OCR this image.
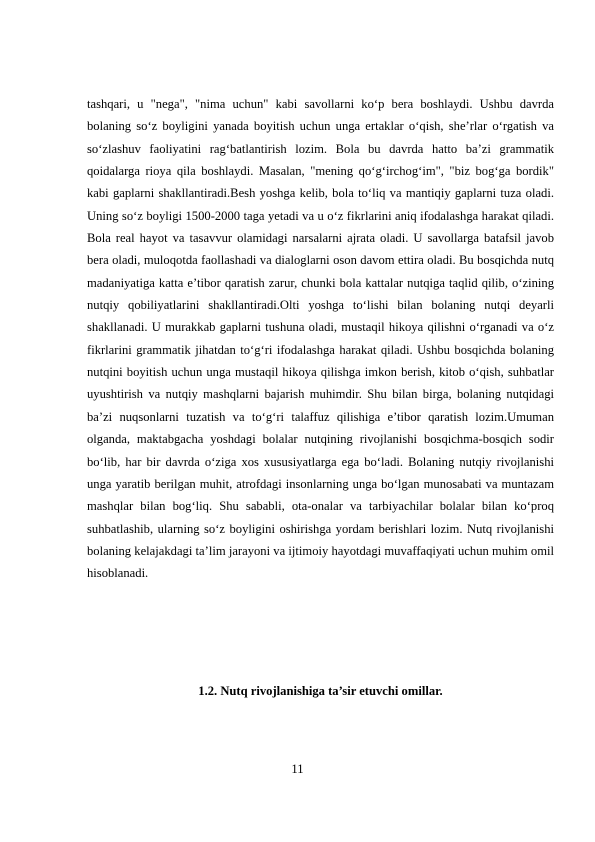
tashqari, u "nega", "nima uchun" kabi savollarni ko‘p bera boshlaydi. Ushbu davrda bolaning so‘z boyligini yanada boyitish uchun unga ertaklar o‘qish, she’rlar o‘rgatish va so‘zlashuv faoliyatini rag‘batlantirish lozim. Bola bu davrda hatto ba’zi grammatik qoidalarga rioya qila boshlaydi. Masalan, "mening qo‘g‘irchog‘im", "biz bog‘ga bordik" kabi gaplarni shakllantiradi.Besh yoshga kelib, bola to‘liq va mantiqiy gaplarni tuza oladi. Uning so‘z boyligi 1500-2000 taga yetadi va u o‘z fikrlarini aniq ifodalashga harakat qiladi. Bola real hayot va tasavvur olamidagi narsalarni ajrata oladi. U savollarga batafsil javob bera oladi, muloqotda faollashadi va dialoglarni oson davom ettira oladi. Bu bosqichda nutq madaniyatiga katta e’tibor qaratish zarur, chunki bola kattalar nutqiga taqlid qilib, o‘zining nutqiy qobiliyatlarini shakllantiradi.Olti yoshga to‘lishi bilan bolaning nutqi deyarli shakllanadi. U murakkab gaplarni tushuna oladi, mustaqil hikoya qilishni o‘rganadi va o‘z fikrlarini grammatik jihatdan to‘g‘ri ifodalashga harakat qiladi. Ushbu bosqichda bolaning nutqini boyitish uchun unga mustaqil hikoya qilishga imkon berish, kitob o‘qish, suhbatlar uyushtirish va nutqiy mashqlarni bajarish muhimdir. Shu bilan birga, bolaning nutqidagi ba’zi nuqsonlarni tuzatish va to‘g‘ri talaffuz qilishiga e’tibor qaratish lozim.Umuman olganda, maktabgacha yoshdagi bolalar nutqining rivojlanishi bosqichma-bosqich sodir bo‘lib, har bir davrda o‘ziga xos xususiyatlarga ega bo‘ladi. Bolaning nutqiy rivojlanishi unga yaratib berilgan muhit, atrofdagi insonlarning unga bo‘lgan munosabati va muntazam mashqlar bilan bog‘liq. Shu sababli, ota-onalar va tarbiyachilar bolalar bilan ko‘proq suhbatlashib, ularning so‘z boyligini oshirishga yordam berishlari lozim. Nutq rivojlanishi bolaning kelajakdagi ta’lim jarayoni va ijtimoiy hayotdagi muvaffaqiyati uchun muhim omil hisoblanadi.

1.2. Nutq rivojlanishiga ta’sir etuvchi omillar.

11
